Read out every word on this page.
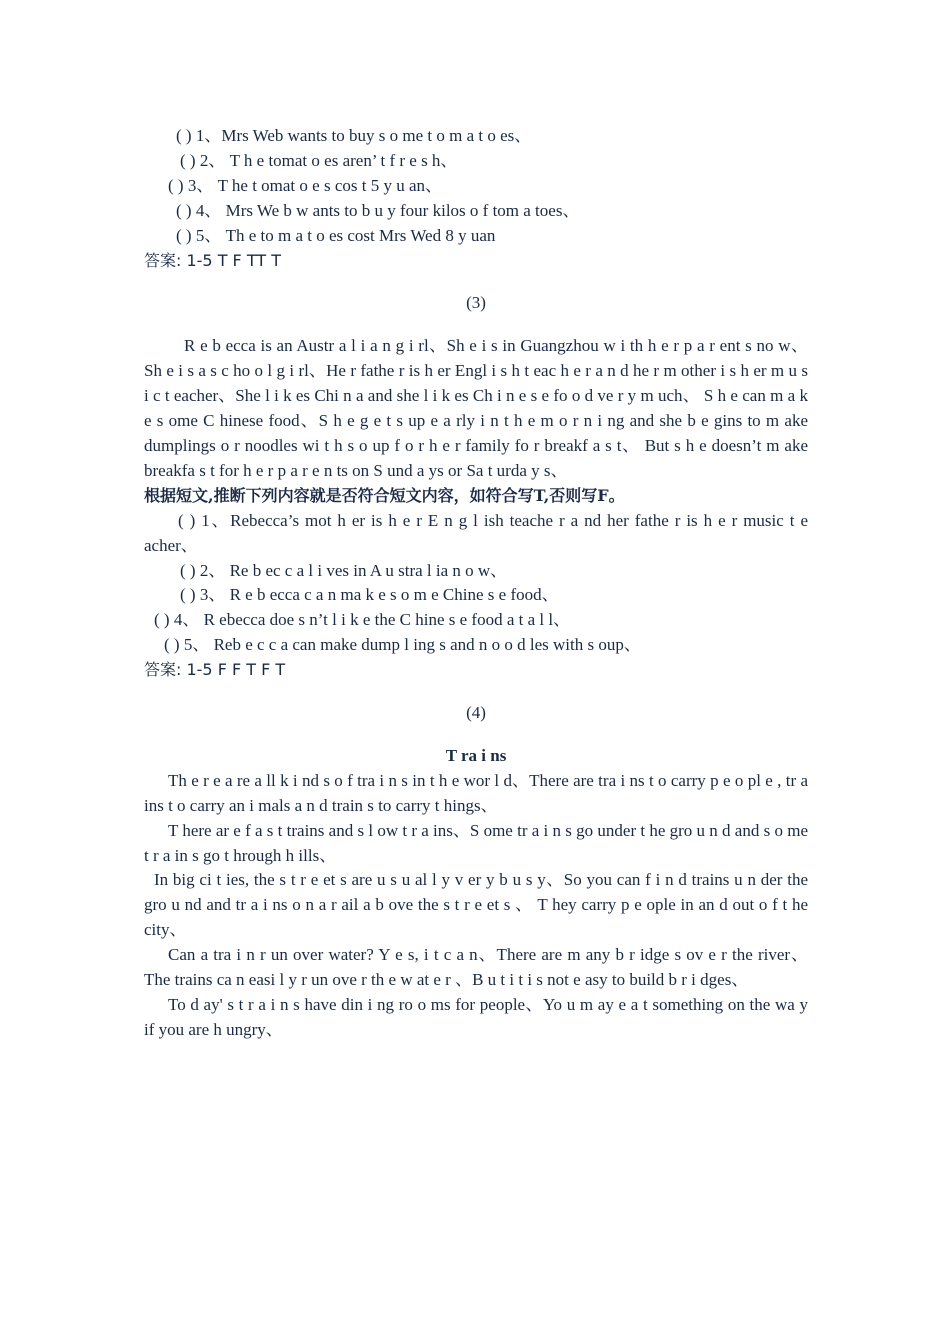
( ) 1、Mrs Web wants to buy s o me t o m a t o es、
( ) 2、 T h e tomat o es aren’ t f r e s h、
( ) 3、 T he t omat o e s cos t 5 y u an、
( ) 4、 Mrs We b w ants to b u y four kilos o f tom a toes、
( ) 5、 Th e to m a t o es cost Mrs Wed 8 y uan
答案: 1-5 T F TT T
(3)

R e b ecca is an Austr a l i a n g i rl、Sh e i s in Guangzhou w i th h e r p a r ent s no w、Sh e i s a s c ho o l g i rl、He r fathe r is h er Engl i s h t eac h e r a n d he r m other i s h er m u s i c t eacher、She l i k es Chi n a and she l i k es Ch i n e s e fo o d ve r y m uch、 S h e can m a k e s ome C hinese food、S h e g e t s up e a rly i n t h e m o r n i ng and she b e gins to m ake dumplings o r noodles wi t h s o up f o r h e r family fo r breakf a s t、 But s h e doesn’t m ake breakfa s t for h e r p a r e n ts on S und a ys or Sa t urda y s、

根据短文,推断下列内容就是否符合短文内容，如符合写T,否则写F。

( ) 1、Rebecca’s mot h er is h e r E n g l ish teache r a nd her fathe r is h e r music t e acher、

( ) 2、 Re b ec c a l i ves in A u stra l ia n o w、
( ) 3、 R e b ecca c a n ma k e s o m e Chine s e food、
( ) 4、 R ebecca doe s n’t l i k e the C hine s e food a t a l l、

( ) 5、 Reb e c c a can make dump l ing s and n o o d les with s oup、

答案: 1-5 F F T F T
(4)
T ra i ns

Th e r e a re a ll k i nd s o f tra i n s in t h e wor l d、There are tra i ns t o carry p e o pl e , tr a ins t o carry an i mals a n d train s to carry t hings、

T here ar e f a s t trains and s l ow t r a ins、S ome tr a i n s go under t he gro u n d and s o me t r a in s go t hrough h ills、

In big ci t ies, the s t r e et s are u s u al l y v er y b u s y、So you can f i n d trains u n der the gro u nd and tr a i ns o n a r ail a b ove the s t r e et s 、 T hey carry p e ople in an d out o f t he city、

Can a tra i n r un over water? Y e s, i t c a n、There are m any b r idge s ov e r the river、 The trains ca n easi l y r un ove r th e w at e r 、B u t i t i s not e asy to build b r i dges、

To d ay' s t r a i n s have din i ng ro o ms for people、Yo u m ay e a t something on the wa y if you are h ungry、
